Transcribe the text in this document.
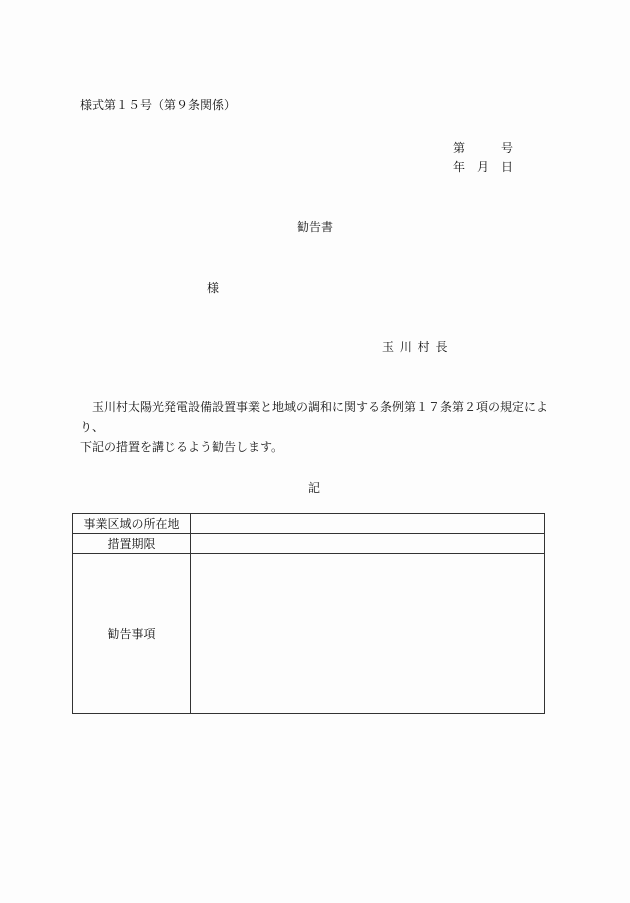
様式第１５号（第９条関係）
第　　　号
年　月　日
勧告書
様
玉 川 村 長

玉川村太陽光発電設備設置事業と地域の調和に関する条例第１７条第２項の規定により、

下記の措置を講じるよう勧告します。

記
事業区域の所在地	
措置期限	
勧告事項	
